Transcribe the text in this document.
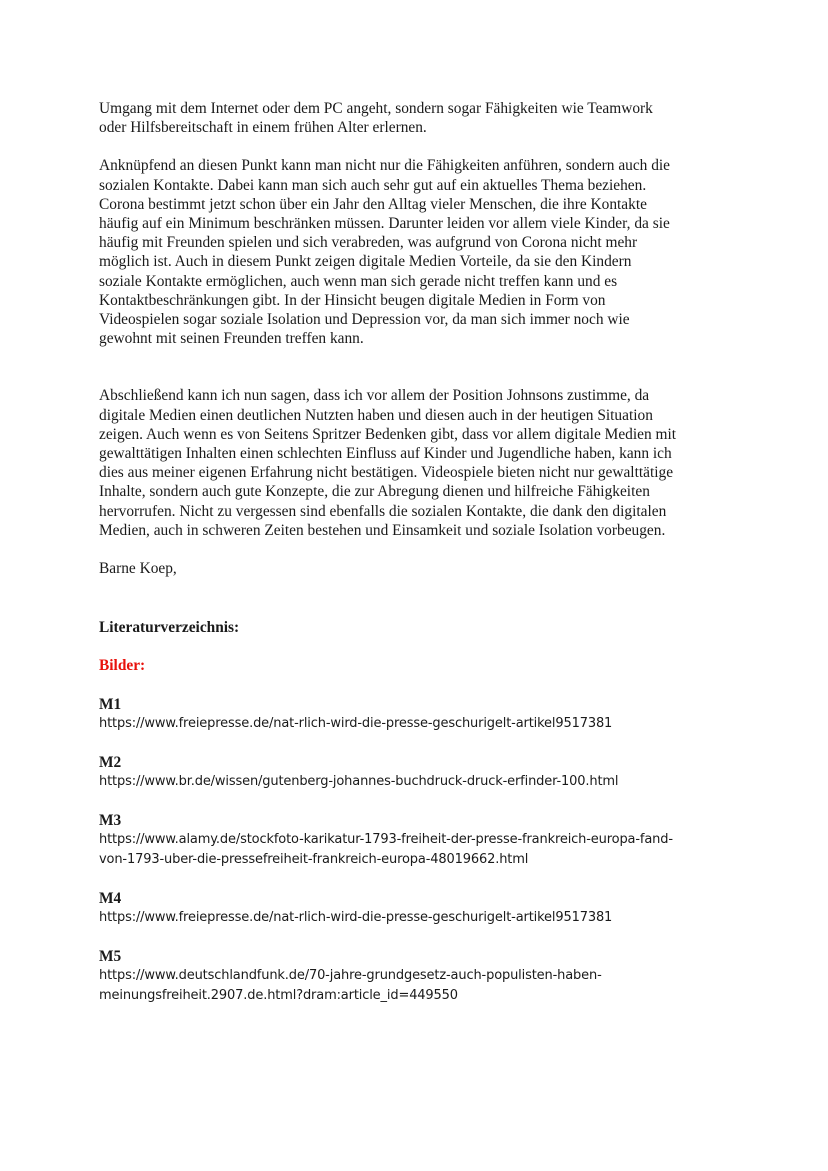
Umgang mit dem Internet oder dem PC angeht, sondern sogar Fähigkeiten wie Teamwork
oder Hilfsbereitschaft in einem frühen Alter erlernen.

Anknüpfend an diesen Punkt kann man nicht nur die Fähigkeiten anführen, sondern auch die
sozialen Kontakte. Dabei kann man sich auch sehr gut auf ein aktuelles Thema beziehen.
Corona bestimmt jetzt schon über ein Jahr den Alltag vieler Menschen, die ihre Kontakte
häufig auf ein Minimum beschränken müssen. Darunter leiden vor allem viele Kinder, da sie
häufig mit Freunden spielen und sich verabreden, was aufgrund von Corona nicht mehr
möglich ist. Auch in diesem Punkt zeigen digitale Medien Vorteile, da sie den Kindern
soziale Kontakte ermöglichen, auch wenn man sich gerade nicht treffen kann und es
Kontaktbeschränkungen gibt. In der Hinsicht beugen digitale Medien in Form von
Videospielen sogar soziale Isolation und Depression vor, da man sich immer noch wie
gewohnt mit seinen Freunden treffen kann.

Abschließend kann ich nun sagen, dass ich vor allem der Position Johnsons zustimme, da
digitale Medien einen deutlichen Nutzten haben und diesen auch in der heutigen Situation
zeigen. Auch wenn es von Seitens Spritzer Bedenken gibt, dass vor allem digitale Medien mit
gewalttätigen Inhalten einen schlechten Einfluss auf Kinder und Jugendliche haben, kann ich
dies aus meiner eigenen Erfahrung nicht bestätigen. Videospiele bieten nicht nur gewalttätige
Inhalte, sondern auch gute Konzepte, die zur Abregung dienen und hilfreiche Fähigkeiten
hervorrufen. Nicht zu vergessen sind ebenfalls die sozialen Kontakte, die dank den digitalen
Medien, auch in schweren Zeiten bestehen und Einsamkeit und soziale Isolation vorbeugen.

Barne Koep,

Literaturverzeichnis:
Bilder:

M1

https://www.freiepresse.de/nat-rlich-wird-die-presse-geschurigelt-artikel9517381

M2

https://www.br.de/wissen/gutenberg-johannes-buchdruck-druck-erfinder-100.html

M3

https://www.alamy.de/stockfoto-karikatur-1793-freiheit-der-presse-frankreich-europa-fand-
von-1793-uber-die-pressefreiheit-frankreich-europa-48019662.html

M4

https://www.freiepresse.de/nat-rlich-wird-die-presse-geschurigelt-artikel9517381

M5

https://www.deutschlandfunk.de/70-jahre-grundgesetz-auch-populisten-haben-
meinungsfreiheit.2907.de.html?dram:article_id=449550
